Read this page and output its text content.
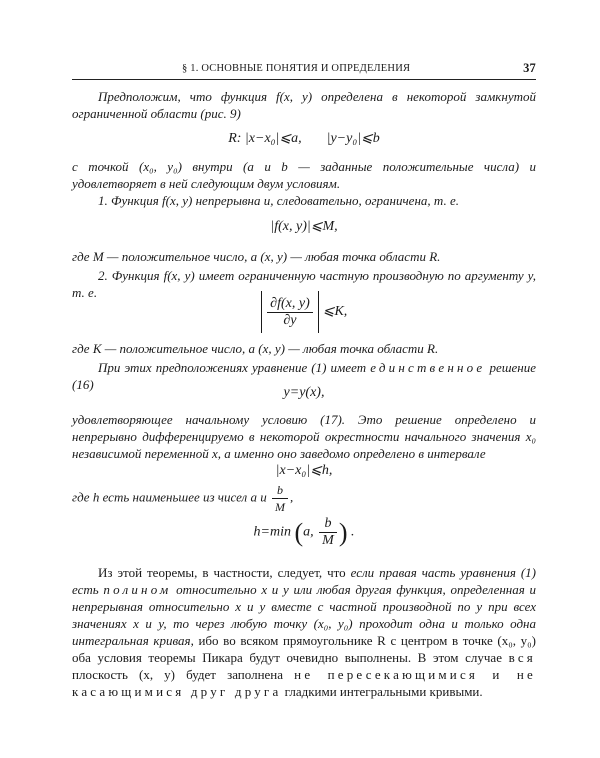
§ 1. ОСНОВНЫЕ ПОНЯТИЯ И ОПРЕДЕЛЕНИЯ	37

Предположим, что функция f(x, y) определена в некоторой замкнутой ограниченной области (рис. 9)

R: |x−x₀|⩽a, |y−y₀|⩽b

с точкой (x₀, y₀) внутри (a и b — заданные положительные числа) и удовлетворяет в ней следующим двум условиям.

1. Функция f(x, y) непрерывна и, следовательно, ограничена, т. е.

|f(x, y)|⩽M,

где M — положительное число, а (x, y) — любая точка области R.

2. Функция f(x, y) имеет ограниченную частную производную по аргументу y, т. е.

$\frac{\partial f(x, y)}{\partial y}$ ⩽K,

где K — положительное число, а (x, y) — любая точка области R.

При этих предположениях уравнение (1) имеет единственное решение (16)

y=y(x),

удовлетворяющее начальному условию (17). Это решение определено и непрерывно дифференцируемо в некоторой окрестности начального значения x₀ независимой переменной x, а именно оно заведомо определено в интервале

|x−x₀|⩽h,

где h есть наименьшее из чисел a и $\frac{b}{M}$ ,

h=min (a, $\frac{b}{M}$ ) .

Из этой теоремы, в частности, следует, что если правая часть уравнения (1) есть полином относительно x и y или любая другая функция, определенная и непрерывная относительно x и y вместе с частной производной по y при всех значениях x и y, то через любую точку (x₀, y₀) проходит одна и только одна интегральная кривая, ибо во всяком прямоугольнике R с центром в точке (x₀, y₀) оба условия теоремы Пикара будут очевидно выполнены. В этом случае вся плоскость (x, y) будет заполнена не пересекающимися и не касающимися друг друга гладкими интегральными кривыми.
